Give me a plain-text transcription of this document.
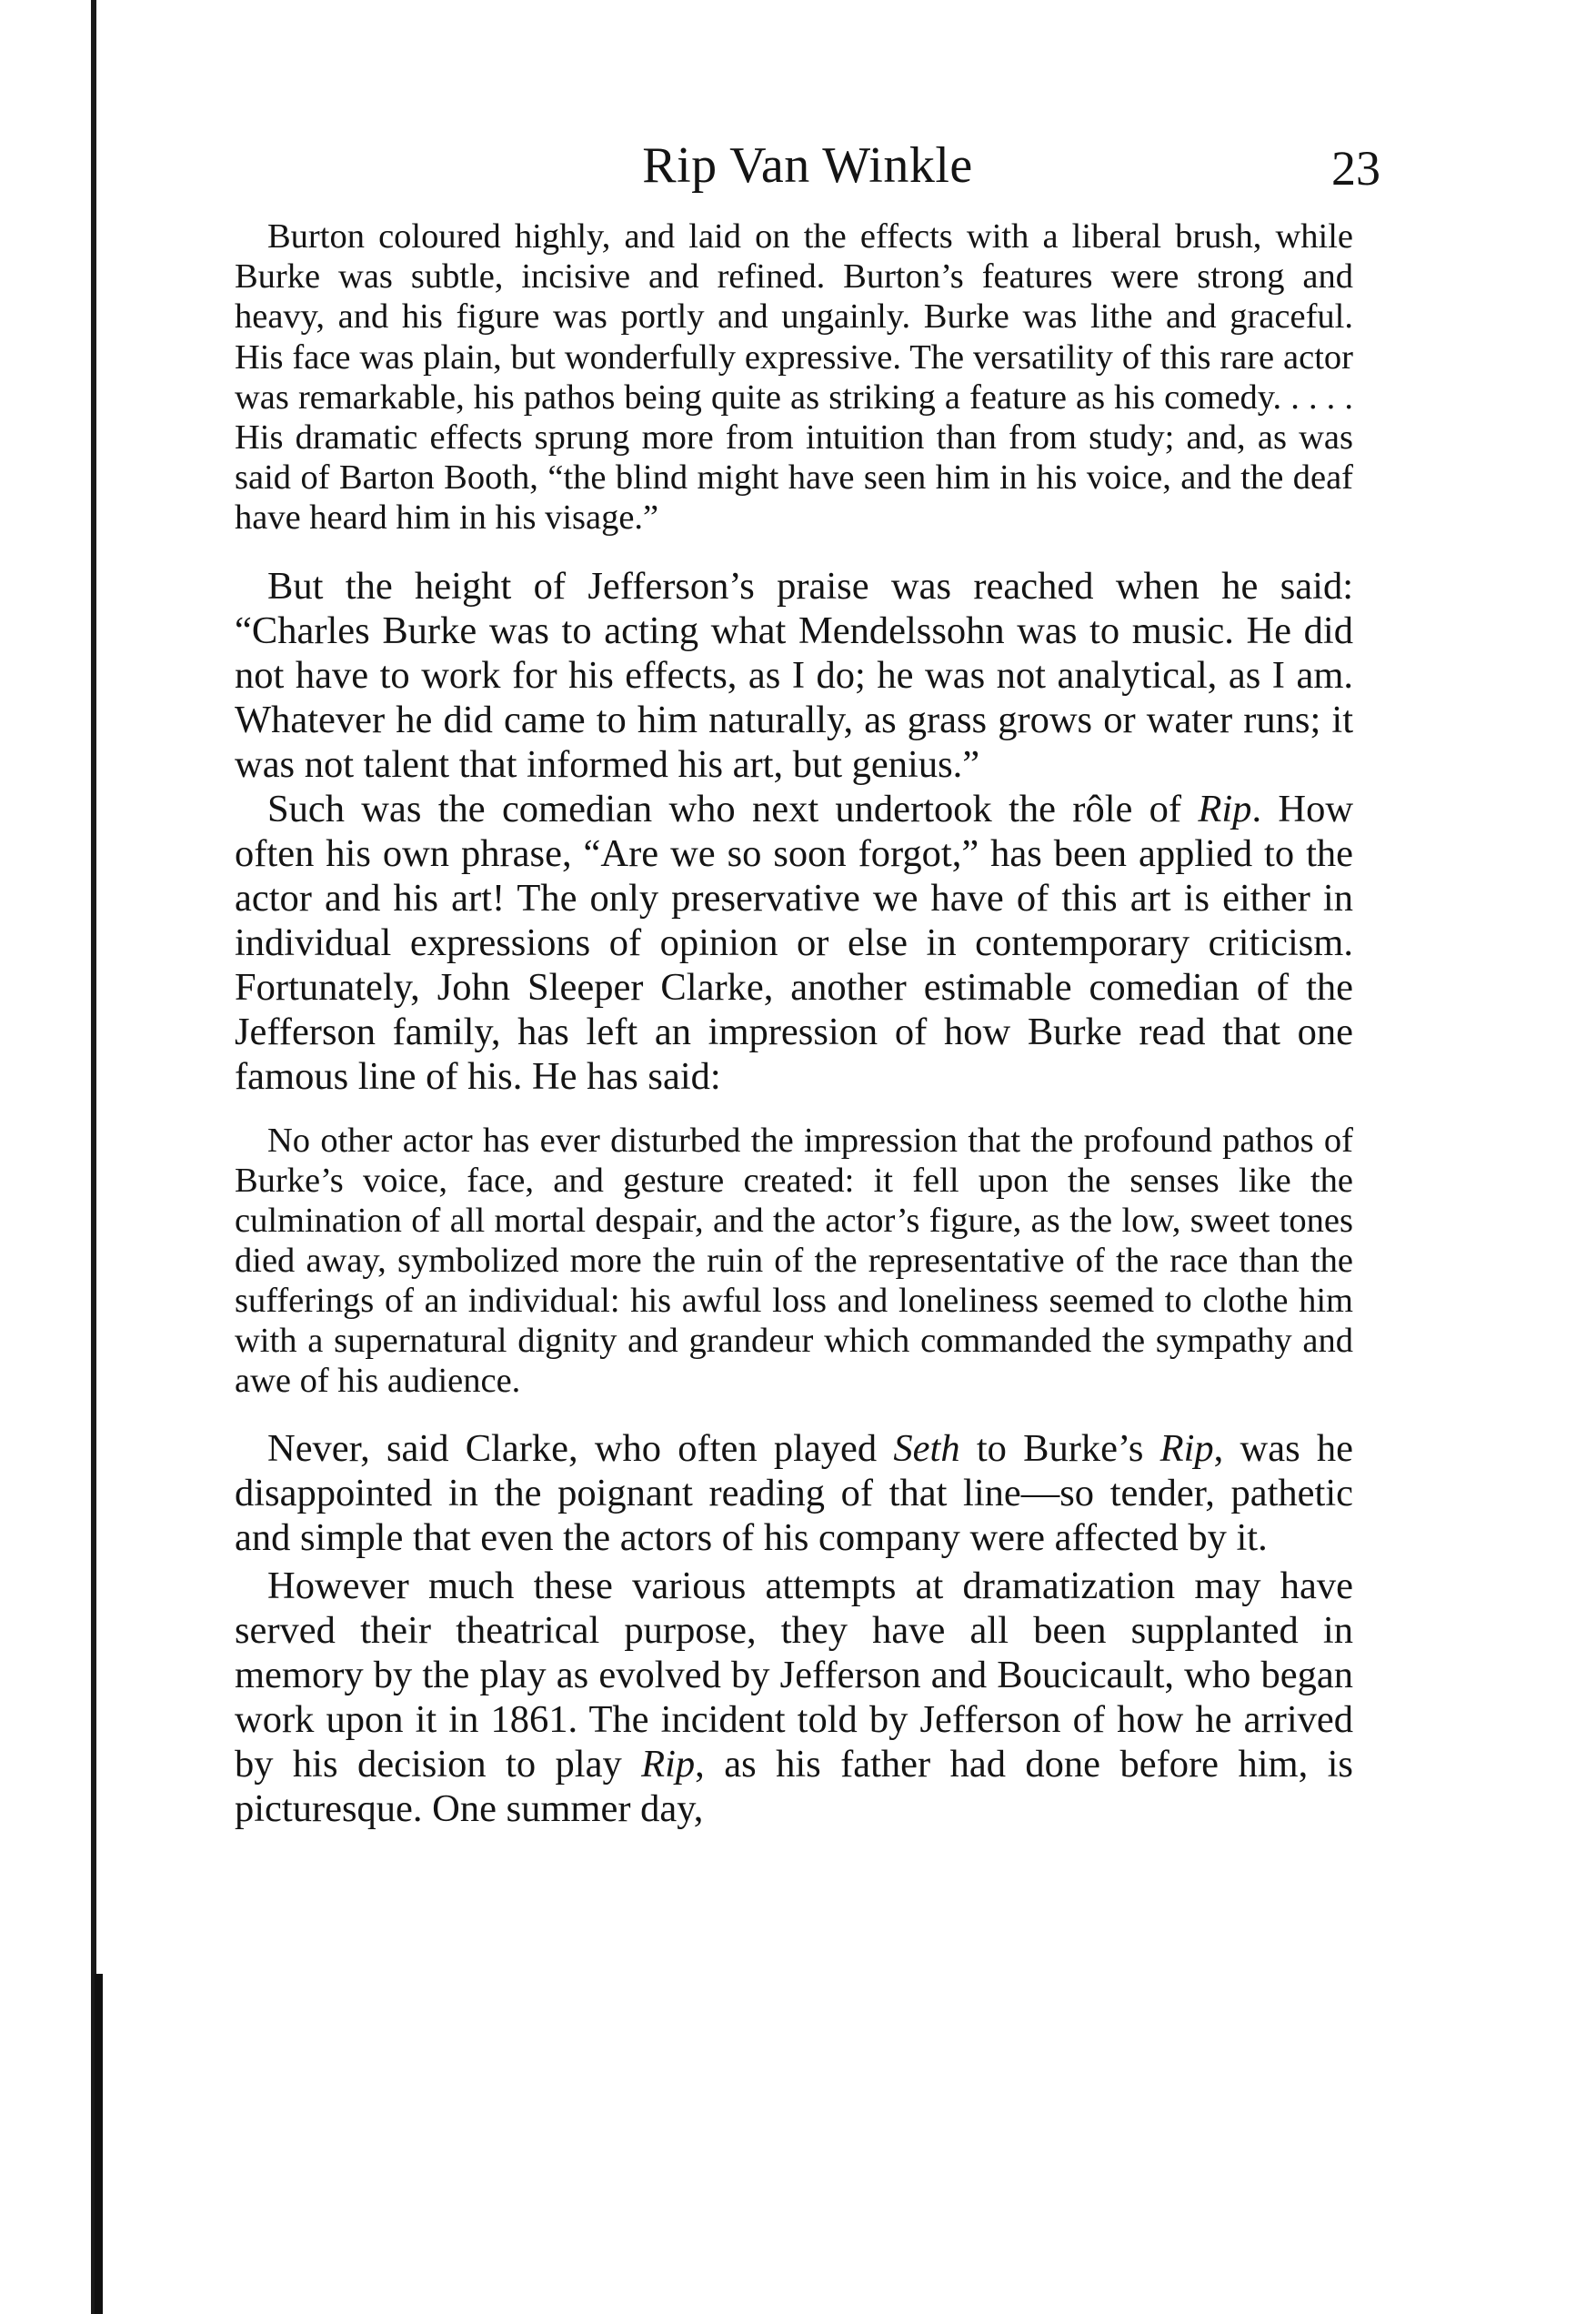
Rip Van Winkle	23

Burton coloured highly, and laid on the effects with a liberal brush, while Burke was subtle, incisive and refined. Burton’s features were strong and heavy, and his figure was portly and ungainly. Burke was lithe and graceful. His face was plain, but wonderfully expressive. The versatility of this rare actor was remarkable, his pathos being quite as striking a feature as his comedy. . . . . His dramatic effects sprung more from intuition than from study; and, as was said of Barton Booth, “the blind might have seen him in his voice, and the deaf have heard him in his visage.”

But the height of Jefferson’s praise was reached when he said: “Charles Burke was to acting what Mendelssohn was to music. He did not have to work for his effects, as I do; he was not analytical, as I am. Whatever he did came to him naturally, as grass grows or water runs; it was not talent that informed his art, but genius.”

Such was the comedian who next undertook the rôle of Rip. How often his own phrase, “Are we so soon forgot,” has been applied to the actor and his art! The only preservative we have of this art is either in individual expressions of opinion or else in contemporary criticism. Fortunately, John Sleeper Clarke, another estimable comedian of the Jefferson family, has left an impression of how Burke read that one famous line of his. He has said:

No other actor has ever disturbed the impression that the profound pathos of Burke’s voice, face, and gesture created: it fell upon the senses like the culmination of all mortal despair, and the actor’s figure, as the low, sweet tones died away, symbolized more the ruin of the representative of the race than the sufferings of an individual: his awful loss and loneliness seemed to clothe him with a supernatural dignity and grandeur which commanded the sympathy and awe of his audience.

Never, said Clarke, who often played Seth to Burke’s Rip, was he disappointed in the poignant reading of that line—so tender, pathetic and simple that even the actors of his company were affected by it.

However much these various attempts at dramatization may have served their theatrical purpose, they have all been supplanted in memory by the play as evolved by Jefferson and Boucicault, who began work upon it in 1861. The incident told by Jefferson of how he arrived by his decision to play Rip, as his father had done before him, is picturesque. One summer day,
